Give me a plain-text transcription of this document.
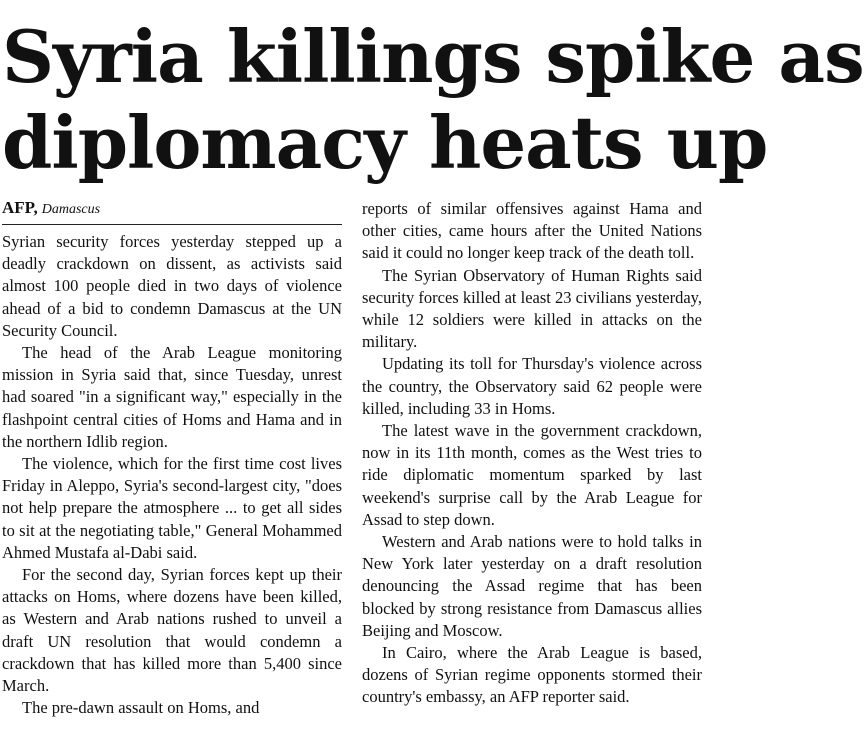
Syria killings spike as
diplomacy heats up
AFP, Damascus

Syrian security forces yesterday stepped up a deadly crackdown on dissent, as activists said almost 100 people died in two days of violence ahead of a bid to condemn Damascus at the UN Security Council.

The head of the Arab League monitoring mission in Syria said that, since Tuesday, unrest had soared "in a significant way," especially in the flashpoint central cities of Homs and Hama and in the northern Idlib region.

The violence, which for the first time cost lives Friday in Aleppo, Syria's second-largest city, "does not help prepare the atmosphere ... to get all sides to sit at the negotiating table," General Mohammed Ahmed Mustafa al-Dabi said.

For the second day, Syrian forces kept up their attacks on Homs, where dozens have been killed, as Western and Arab nations rushed to unveil a draft UN resolution that would condemn a crackdown that has killed more than 5,400 since March.

The pre-dawn assault on Homs, and

reports of similar offensives against Hama and other cities, came hours after the United Nations said it could no longer keep track of the death toll.

The Syrian Observatory of Human Rights said security forces killed at least 23 civilians yesterday, while 12 soldiers were killed in attacks on the military.

Updating its toll for Thursday's violence across the country, the Observatory said 62 people were killed, including 33 in Homs.

The latest wave in the government crackdown, now in its 11th month, comes as the West tries to ride diplomatic momentum sparked by last weekend's surprise call by the Arab League for Assad to step down.

Western and Arab nations were to hold talks in New York later yesterday on a draft resolution denouncing the Assad regime that has been blocked by strong resistance from Damascus allies Beijing and Moscow.

In Cairo, where the Arab League is based, dozens of Syrian regime opponents stormed their country's embassy, an AFP reporter said.
